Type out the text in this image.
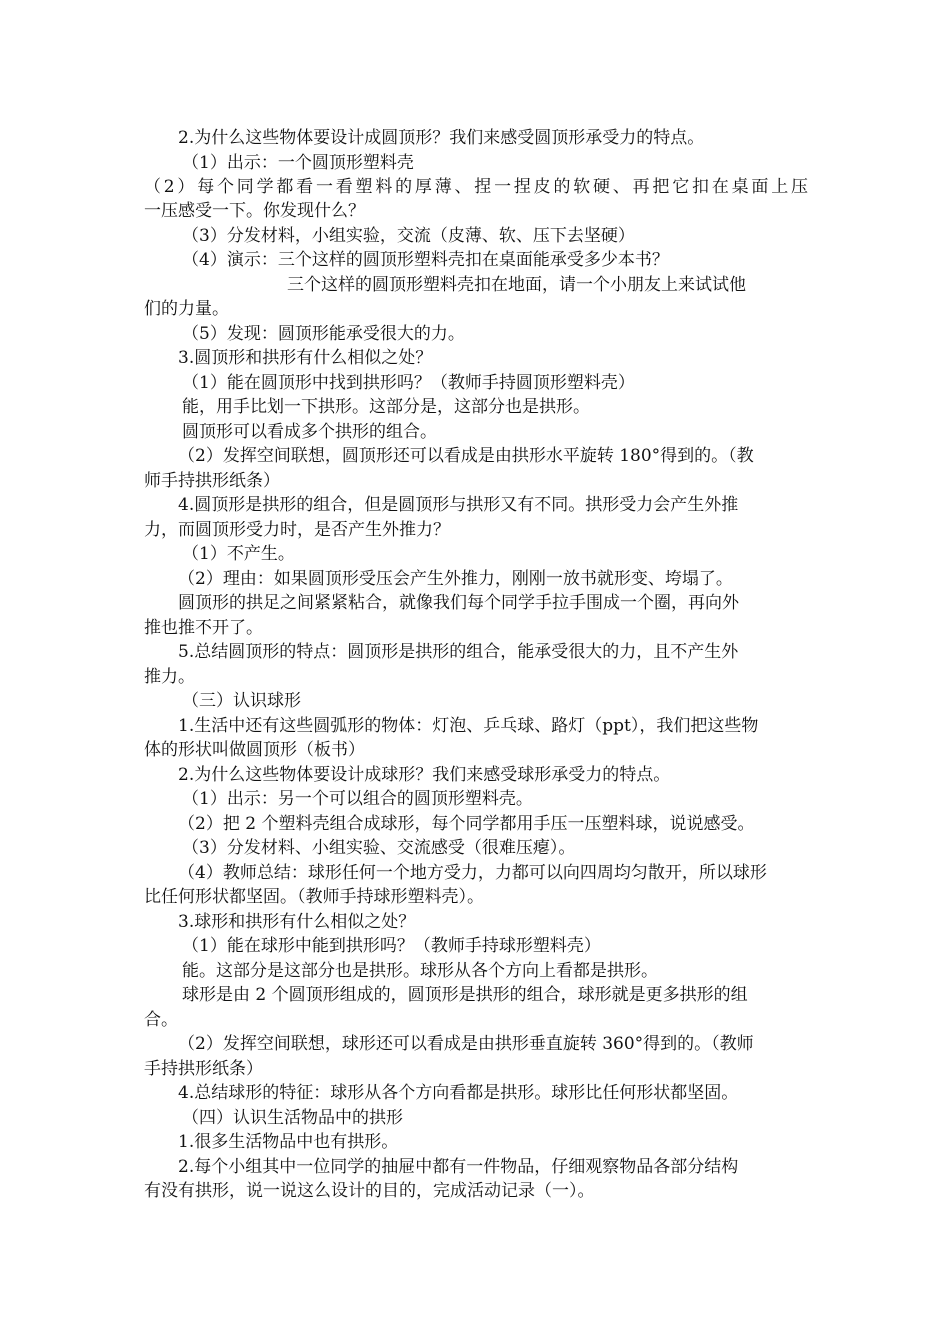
2.为什么这些物体要设计成圆顶形？我们来感受圆顶形承受力的特点。
（1）出示：一个圆顶形塑料壳
（2）每个同学都看一看塑料的厚薄、捏一捏皮的软硬、再把它扣在桌面上压
一压感受一下。你发现什么？
（3）分发材料，小组实验，交流（皮薄、软、压下去坚硬）
（4）演示：三个这样的圆顶形塑料壳扣在桌面能承受多少本书？
三个这样的圆顶形塑料壳扣在地面，请一个小朋友上来试试他
们的力量。
（5）发现：圆顶形能承受很大的力。
3.圆顶形和拱形有什么相似之处？
（1）能在圆顶形中找到拱形吗？（教师手持圆顶形塑料壳）
能，用手比划一下拱形。这部分是，这部分也是拱形。
圆顶形可以看成多个拱形的组合。
（2）发挥空间联想，圆顶形还可以看成是由拱形水平旋转 180°得到的。（教
师手持拱形纸条）
4.圆顶形是拱形的组合，但是圆顶形与拱形又有不同。拱形受力会产生外推
力，而圆顶形受力时，是否产生外推力？
（1）不产生。
（2）理由：如果圆顶形受压会产生外推力，刚刚一放书就形变、垮塌了。
圆顶形的拱足之间紧紧粘合，就像我们每个同学手拉手围成一个圈，再向外
推也推不开了。
5.总结圆顶形的特点：圆顶形是拱形的组合，能承受很大的力，且不产生外
推力。
（三）认识球形
1.生活中还有这些圆弧形的物体：灯泡、乒乓球、路灯（ppt），我们把这些物
体的形状叫做圆顶形（板书）
2.为什么这些物体要设计成球形？我们来感受球形承受力的特点。
（1）出示：另一个可以组合的圆顶形塑料壳。
（2）把 2 个塑料壳组合成球形，每个同学都用手压一压塑料球，说说感受。
（3）分发材料、小组实验、交流感受（很难压瘪）。
（4）教师总结：球形任何一个地方受力，力都可以向四周均匀散开，所以球形
比任何形状都坚固。（教师手持球形塑料壳）。
3.球形和拱形有什么相似之处？
（1）能在球形中能到拱形吗？（教师手持球形塑料壳）
能。这部分是这部分也是拱形。球形从各个方向上看都是拱形。
球形是由 2 个圆顶形组成的，圆顶形是拱形的组合，球形就是更多拱形的组
合。
（2）发挥空间联想，球形还可以看成是由拱形垂直旋转 360°得到的。（教师
手持拱形纸条）
4.总结球形的特征：球形从各个方向看都是拱形。球形比任何形状都坚固。
（四）认识生活物品中的拱形
1.很多生活物品中也有拱形。
2.每个小组其中一位同学的抽屉中都有一件物品，仔细观察物品各部分结构
有没有拱形，说一说这么设计的目的，完成活动记录（一）。
